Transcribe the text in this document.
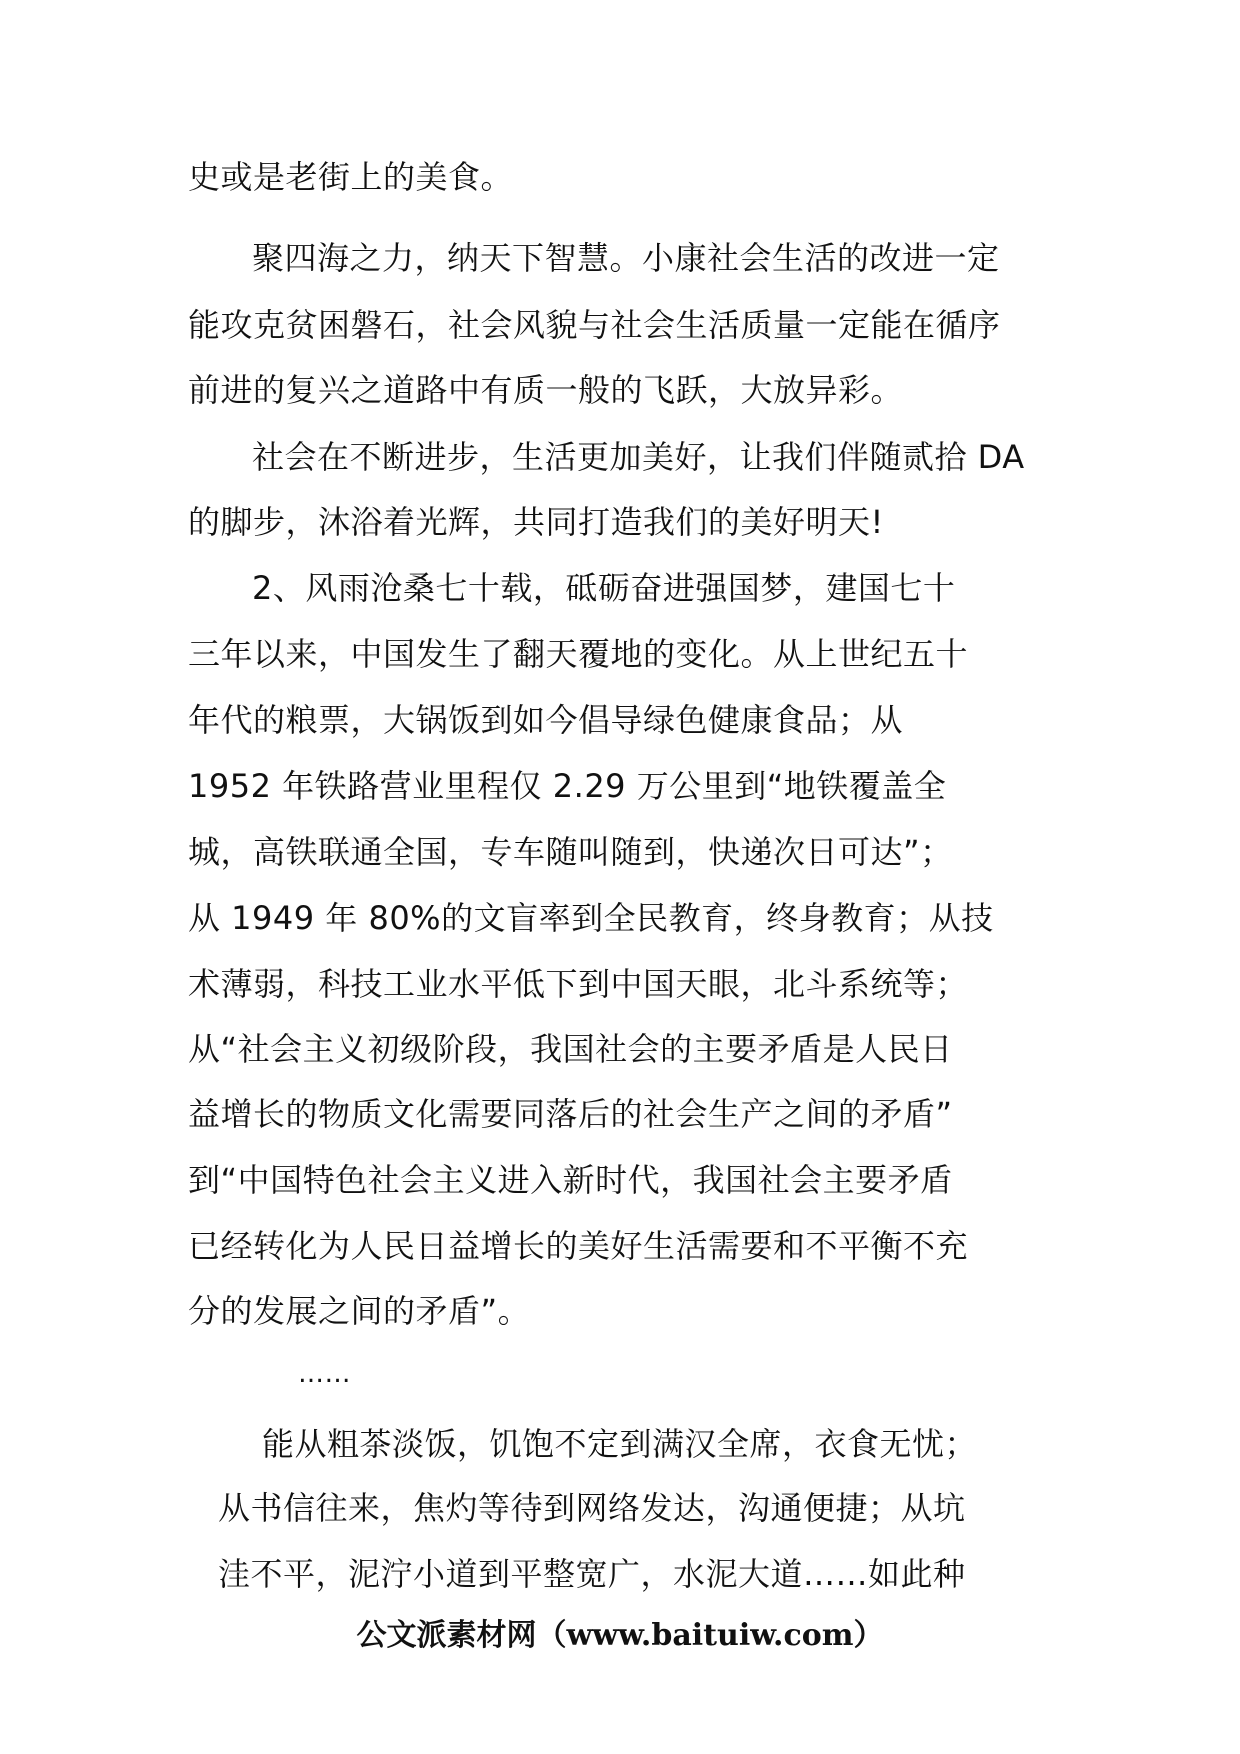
史或是老街上的美食。
聚四海之力，纳天下智慧。小康社会生活的改进一定
能攻克贫困磐石，社会风貌与社会生活质量一定能在循序
前进的复兴之道路中有质一般的飞跃，大放异彩。
社会在不断进步，生活更加美好，让我们伴随贰拾 DA
的脚步，沐浴着光辉，共同打造我们的美好明天!
2、风雨沧桑七十载，砥砺奋进强国梦，建国七十
三年以来，中国发生了翻天覆地的变化。从上世纪五十
年代的粮票，大锅饭到如今倡导绿色健康食品；从
1952 年铁路营业里程仅 2.29 万公里到“地铁覆盖全
城，高铁联通全国，专车随叫随到，快递次日可达”；
从 1949 年 80%的文盲率到全民教育，终身教育；从技
术薄弱，科技工业水平低下到中国天眼，北斗系统等；
从“社会主义初级阶段，我国社会的主要矛盾是人民日
益增长的物质文化需要同落后的社会生产之间的矛盾”
到“中国特色社会主义进入新时代，我国社会主要矛盾
已经转化为人民日益增长的美好生活需要和不平衡不充
分的发展之间的矛盾”。
……
能从粗茶淡饭，饥饱不定到满汉全席，衣食无忧；
从书信往来，焦灼等待到网络发达，沟通便捷；从坑
洼不平，泥泞小道到平整宽广，水泥大道……如此种
公文派素材网（www.baituiw.com）
